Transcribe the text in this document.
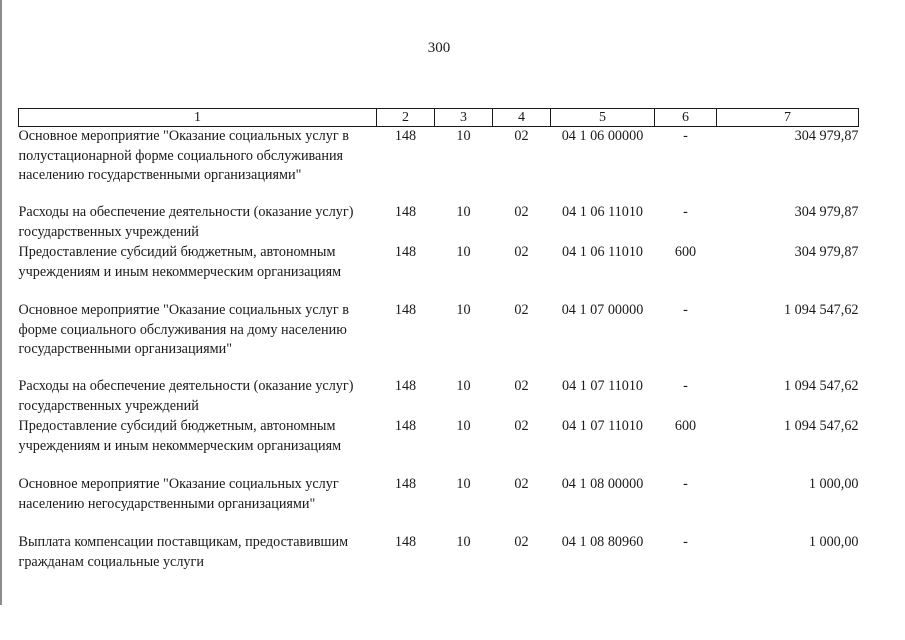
300
1	2	3	4	5	6	7
Основное мероприятие "Оказание социальных услуг в полустационарной форме социального обслуживания населению государственными организациями"	148	10	02	04 1 06 00000	-	304 979,87
Расходы на обеспечение деятельности (оказание услуг) государственных учреждений	148	10	02	04 1 06 11010	-	304 979,87
Предоставление субсидий бюджетным, автономным учреждениям и иным некоммерческим организациям	148	10	02	04 1 06 11010	600	304 979,87
Основное мероприятие "Оказание социальных услуг в форме социального обслуживания на дому населению государственными организациями"	148	10	02	04 1 07 00000	-	1 094 547,62
Расходы на обеспечение деятельности (оказание услуг) государственных учреждений	148	10	02	04 1 07 11010	-	1 094 547,62
Предоставление субсидий бюджетным, автономным учреждениям и иным некоммерческим организациям	148	10	02	04 1 07 11010	600	1 094 547,62
Основное мероприятие "Оказание социальных услуг населению негосударственными организациями"	148	10	02	04 1 08 00000	-	1 000,00
Выплата компенсации поставщикам, предоставившим гражданам социальные услуги	148	10	02	04 1 08 80960	-	1 000,00
